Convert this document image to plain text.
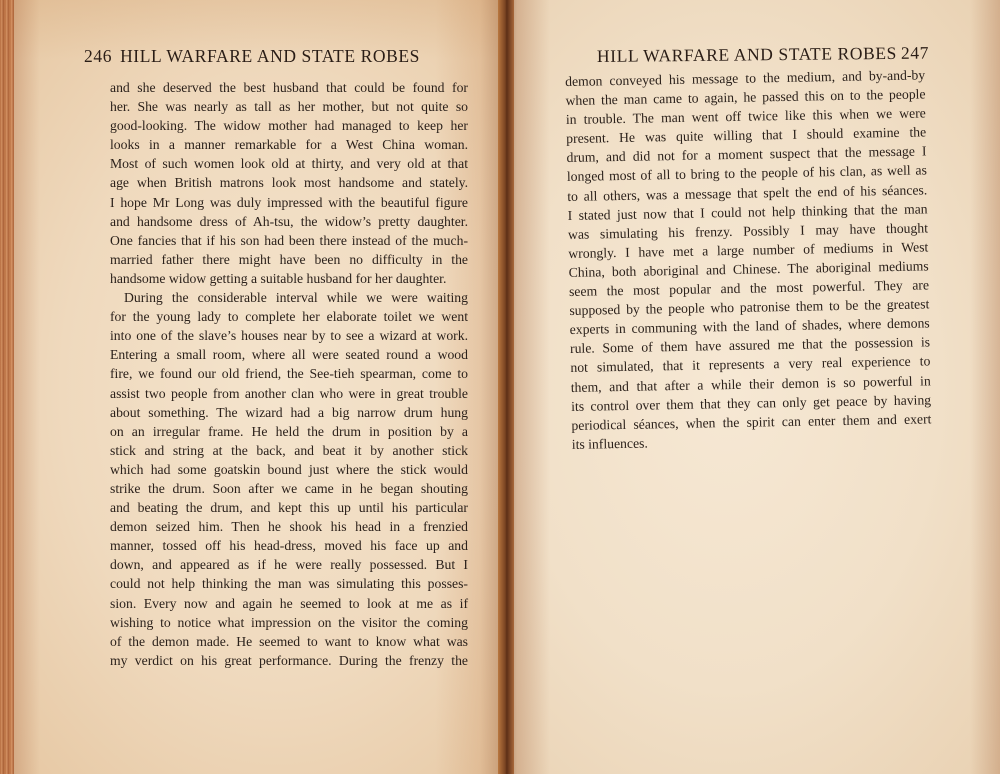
246 HILL WARFARE AND STATE ROBES
and she deserved the best husband that could be found for
her. She was nearly as tall as her mother, but not quite so
good-looking. The widow mother had managed to keep her
looks in a manner remarkable for a West China woman.
Most of such women look old at thirty, and very old at that
age when British matrons look most handsome and stately.
I hope Mr Long was duly impressed with the beautiful figure
and handsome dress of Ah-tsu, the widow’s pretty daughter.
One fancies that if his son had been there instead of the much-
married father there might have been no difficulty in the
handsome widow getting a suitable husband for her daughter.
During the considerable interval while we were waiting
for the young lady to complete her elaborate toilet we went
into one of the slave’s houses near by to see a wizard at work.
Entering a small room, where all were seated round a wood
fire, we found our old friend, the See-tieh spearman, come to
assist two people from another clan who were in great trouble
about something. The wizard had a big narrow drum hung
on an irregular frame. He held the drum in position by a
stick and string at the back, and beat it by another stick
which had some goatskin bound just where the stick would
strike the drum. Soon after we came in he began shouting
and beating the drum, and kept this up until his particular
demon seized him. Then he shook his head in a frenzied
manner, tossed off his head-dress, moved his face up and
down, and appeared as if he were really possessed. But I
could not help thinking the man was simulating this posses-
sion. Every now and again he seemed to look at me as if
wishing to notice what impression on the visitor the coming
of the demon made. He seemed to want to know what was
my verdict on his great performance. During the frenzy the
HILL WARFARE AND STATE ROBES 247
demon conveyed his message to the medium, and by-and-by
when the man came to again, he passed this on to the people
in trouble. The man went off twice like this when we were
present. He was quite willing that I should examine the
drum, and did not for a moment suspect that the message I
longed most of all to bring to the people of his clan, as well as
to all others, was a message that spelt the end of his séances.
I stated just now that I could not help thinking that the man
was simulating his frenzy. Possibly I may have thought
wrongly. I have met a large number of mediums in West
China, both aboriginal and Chinese. The aboriginal mediums
seem the most popular and the most powerful. They are
supposed by the people who patronise them to be the greatest
experts in communing with the land of shades, where demons
rule. Some of them have assured me that the possession is
not simulated, that it represents a very real experience to
them, and that after a while their demon is so powerful in
its control over them that they can only get peace by having
periodical séances, when the spirit can enter them and exert
its influences.
